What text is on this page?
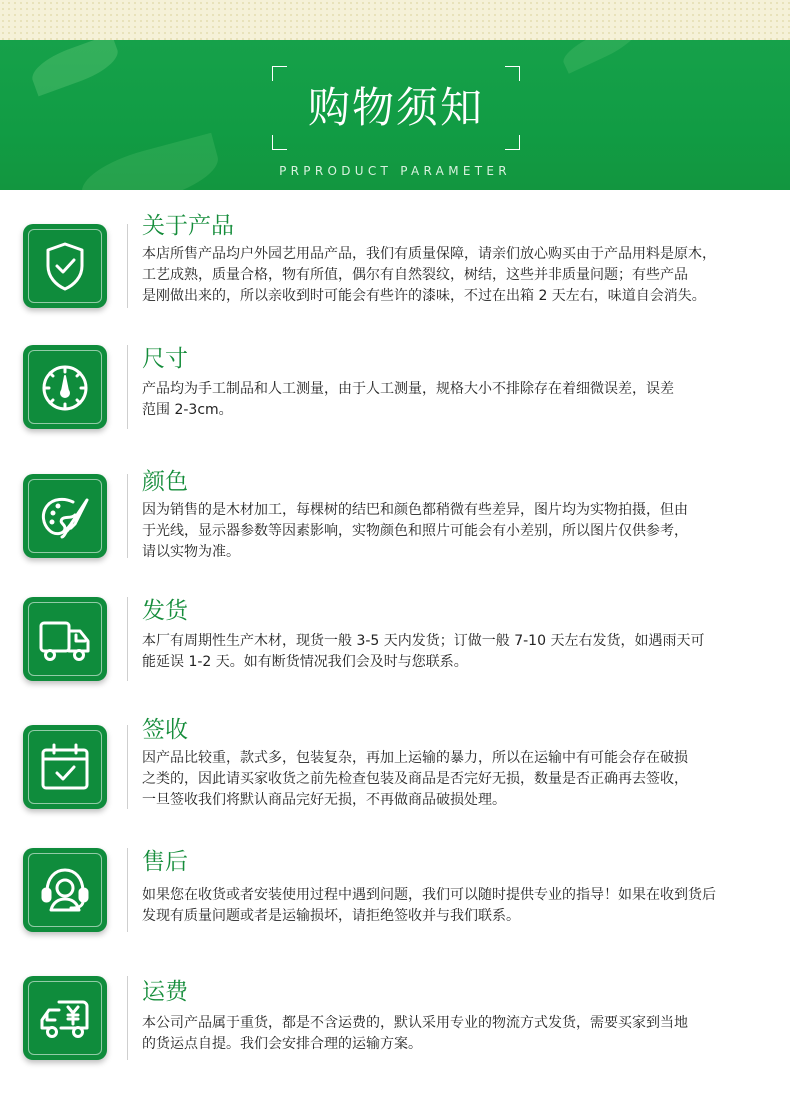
购物须知
PRPRODUCT PARAMETER
关于产品
本店所售产品均户外园艺用品产品，我们有质量保障，请亲们放心购买由于产品用料是原木，
工艺成熟，质量合格，物有所值，偶尔有自然裂纹，树结，这些并非质量问题；有些产品
是刚做出来的，所以亲收到时可能会有些许的漆味，不过在出箱 2 天左右，味道自会消失。
尺寸
产品均为手工制品和人工测量，由于人工测量，规格大小不排除存在着细微误差，误差
范围 2-3cm。
颜色
因为销售的是木材加工，每棵树的结巴和颜色都稍微有些差异，图片均为实物拍摄，但由
于光线，显示器参数等因素影响，实物颜色和照片可能会有小差别，所以图片仅供参考，
请以实物为准。
发货
本厂有周期性生产木材，现货一般 3-5 天内发货；订做一般 7-10 天左右发货，如遇雨天可
能延误 1-2 天。如有断货情况我们会及时与您联系。
签收
因产品比较重，款式多，包装复杂，再加上运输的暴力，所以在运输中有可能会存在破损
之类的，因此请买家收货之前先检查包装及商品是否完好无损，数量是否正确再去签收，
一旦签收我们将默认商品完好无损，不再做商品破损处理。
售后
如果您在收货或者安装使用过程中遇到问题，我们可以随时提供专业的指导！如果在收到货后
发现有质量问题或者是运输损坏，请拒绝签收并与我们联系。
运费
本公司产品属于重货，都是不含运费的，默认采用专业的物流方式发货，需要买家到当地
的货运点自提。我们会安排合理的运输方案。
